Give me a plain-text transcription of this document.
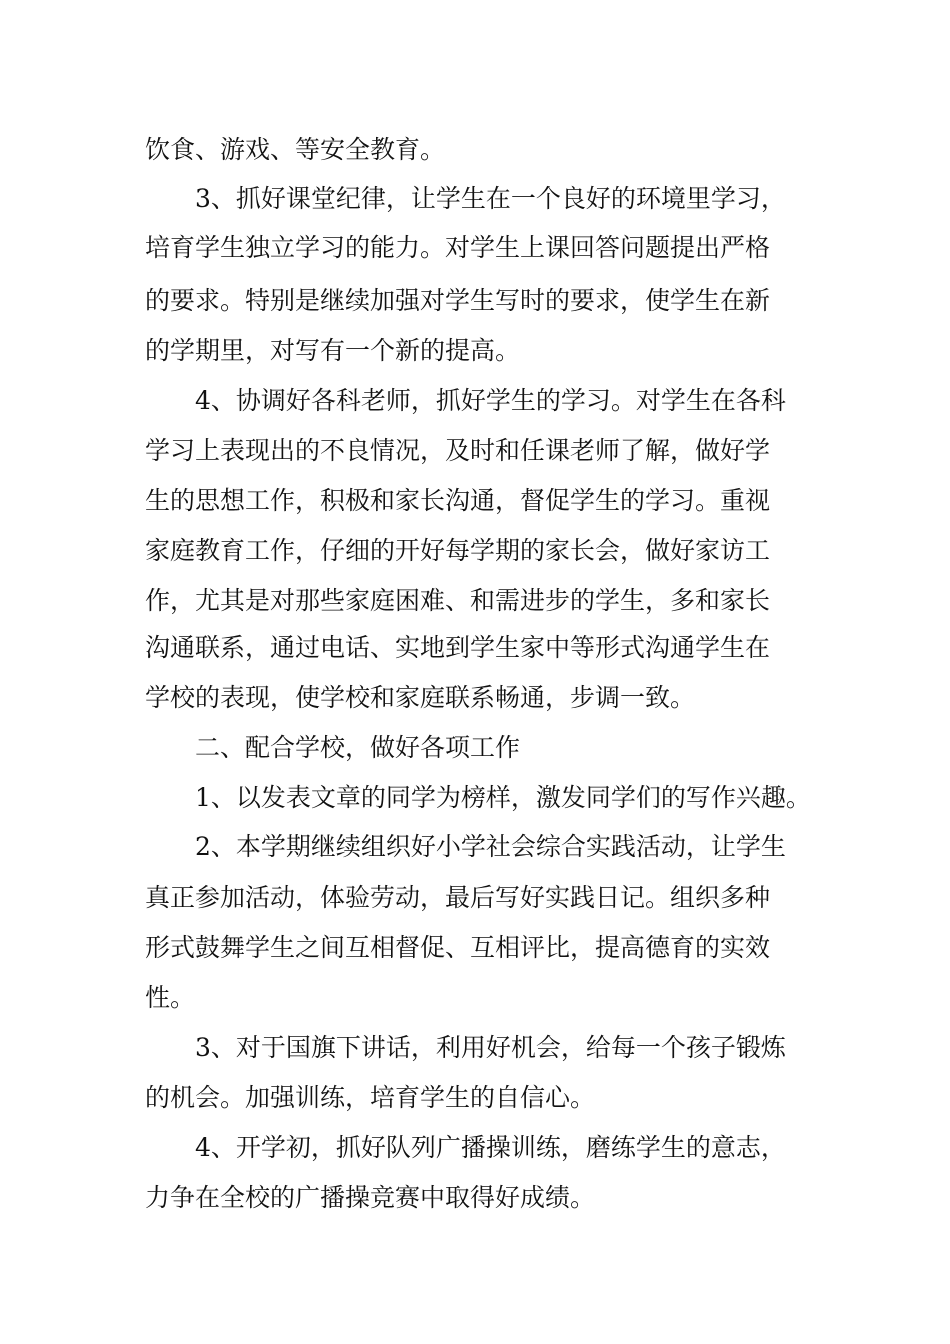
饮食、游戏、等安全教育。

3、抓好课堂纪律，让学生在一个良好的环境里学习，

培育学生独立学习的能力。对学生上课回答问题提出严格

的要求。特别是继续加强对学生写时的要求，使学生在新

的学期里，对写有一个新的提高。

4、协调好各科老师，抓好学生的学习。对学生在各科

学习上表现出的不良情况，及时和任课老师了解，做好学

生的思想工作，积极和家长沟通，督促学生的学习。重视

家庭教育工作，仔细的开好每学期的家长会，做好家访工

作，尤其是对那些家庭困难、和需进步的学生，多和家长

沟通联系，通过电话、实地到学生家中等形式沟通学生在

学校的表现，使学校和家庭联系畅通，步调一致。

二、配合学校，做好各项工作

1、以发表文章的同学为榜样，激发同学们的写作兴趣。

2、本学期继续组织好小学社会综合实践活动，让学生

真正参加活动，体验劳动，最后写好实践日记。组织多种

形式鼓舞学生之间互相督促、互相评比，提高德育的实效

性。

3、对于国旗下讲话，利用好机会，给每一个孩子锻炼

的机会。加强训练，培育学生的自信心。

4、开学初，抓好队列广播操训练，磨练学生的意志，

力争在全校的广播操竞赛中取得好成绩。
